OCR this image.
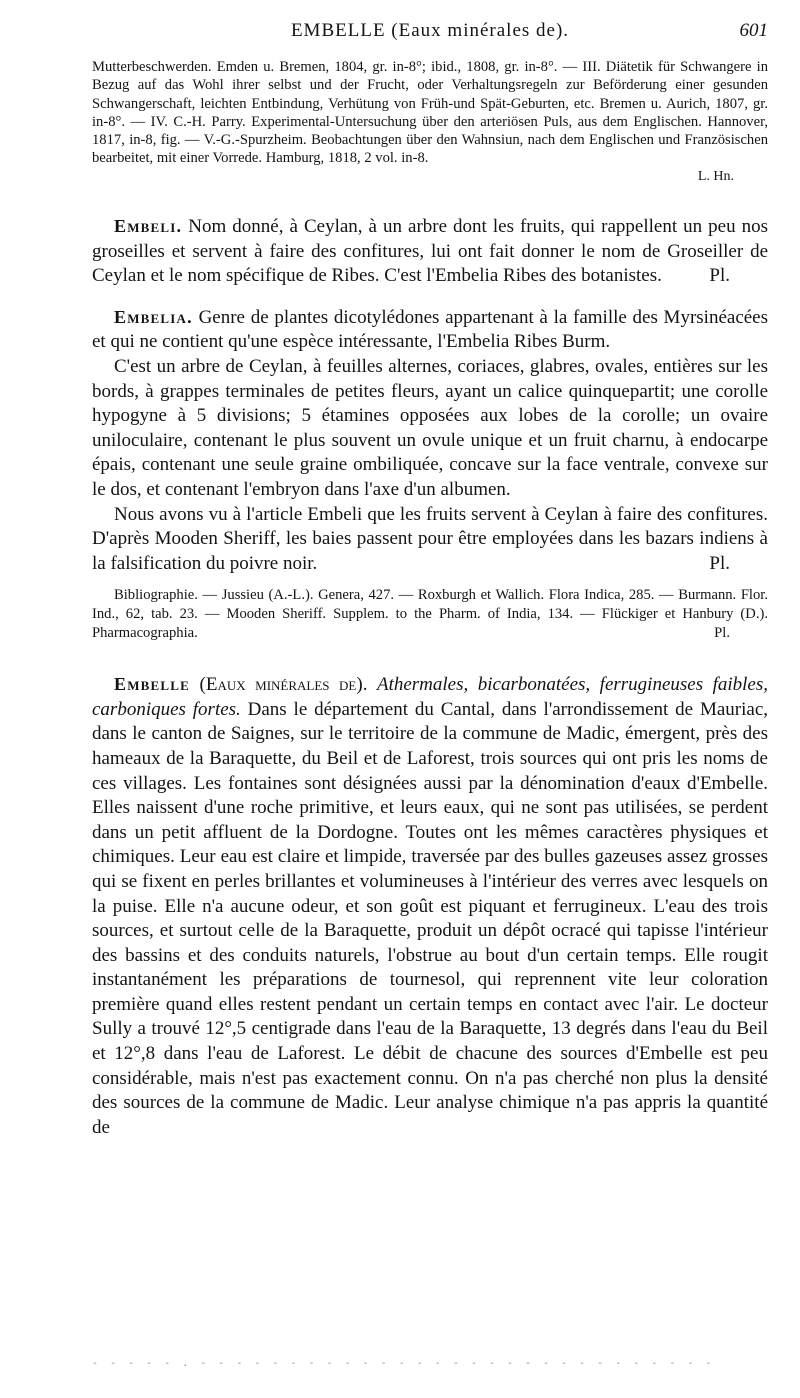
EMBELLE (Eaux minérales de).	601
Mutterbeschwerden. Emden u. Bremen, 1804, gr. in-8°; ibid., 1808, gr. in-8°. — III. Diätetik für Schwangere in Bezug auf das Wohl ihrer selbst und der Frucht, oder Verhaltungsregeln zur Beförderung einer gesunden Schwangerschaft, leichten Entbindung, Verhütung von Früh-und Spät-Geburten, etc. Bremen u. Aurich, 1807, gr. in-8°. — IV. C.-H. Parry. Experimental-Untersuchung über den arteriösen Puls, aus dem Englischen. Hannover, 1817, in-8, fig. — V.-G.-Spurzheim. Beobachtungen über den Wahnsiun, nach dem Englischen und Französischen bearbeitet, mit einer Vorrede. Hamburg, 1818, 2 vol. in-8.
L. Hn.

Embeli. Nom donné, à Ceylan, à un arbre dont les fruits, qui rappellent un peu nos groseilles et servent à faire des confitures, lui ont fait donner le nom de Groseiller de Ceylan et le nom spécifique de Ribes. C'est l'Embelia Ribes des botanistes.	Pl.

Embelia. Genre de plantes dicotylédones appartenant à la famille des Myrsinéacées et qui ne contient qu'une espèce intéressante, l'Embelia Ribes Burm.

C'est un arbre de Ceylan, à feuilles alternes, coriaces, glabres, ovales, entières sur les bords, à grappes terminales de petites fleurs, ayant un calice quinquepartit; une corolle hypogyne à 5 divisions; 5 étamines opposées aux lobes de la corolle; un ovaire uniloculaire, contenant le plus souvent un ovule unique et un fruit charnu, à endocarpe épais, contenant une seule graine ombiliquée, concave sur la face ventrale, convexe sur le dos, et contenant l'embryon dans l'axe d'un albumen.

Nous avons vu à l'article Embeli que les fruits servent à Ceylan à faire des confitures. D'après Mooden Sheriff, les baies passent pour être employées dans les bazars indiens à la falsification du poivre noir.	Pl.

Bibliographie. — Jussieu (A.-L.). Genera, 427. — Roxburgh et Wallich. Flora Indica, 285. — Burmann. Flor. Ind., 62, tab. 23. — Mooden Sheriff. Supplem. to the Pharm. of India, 134. — Flückiger et Hanbury (D.). Pharmacographia.	Pl.

Embelle (Eaux minérales de). Athermales, bicarbonatées, ferrugineuses faibles, carboniques fortes. Dans le département du Cantal, dans l'arrondissement de Mauriac, dans le canton de Saignes, sur le territoire de la commune de Madic, émergent, près des hameaux de la Baraquette, du Beil et de Laforest, trois sources qui ont pris les noms de ces villages. Les fontaines sont désignées aussi par la dénomination d'eaux d'Embelle. Elles naissent d'une roche primitive, et leurs eaux, qui ne sont pas utilisées, se perdent dans un petit affluent de la Dordogne. Toutes ont les mêmes caractères physiques et chimiques. Leur eau est claire et limpide, traversée par des bulles gazeuses assez grosses qui se fixent en perles brillantes et volumineuses à l'intérieur des verres avec lesquels on la puise. Elle n'a aucune odeur, et son goût est piquant et ferrugineux. L'eau des trois sources, et surtout celle de la Baraquette, produit un dépôt ocracé qui tapisse l'intérieur des bassins et des conduits naturels, l'obstrue au bout d'un certain temps. Elle rougit instantanément les préparations de tournesol, qui reprennent vite leur coloration première quand elles restent pendant un certain temps en contact avec l'air. Le docteur Sully a trouvé 12°,5 centigrade dans l'eau de la Baraquette, 13 degrés dans l'eau du Beil et 12°,8 dans l'eau de Laforest. Le débit de chacune des sources d'Embelle est peu considérable, mais n'est pas exactement connu. On n'a pas cherché non plus la densité des sources de la commune de Madic. Leur analyse chimique n'a pas appris la quantité de

- - - - - . - - - - - - - - - - - - - - - - - - - - - - - - - - - - -
